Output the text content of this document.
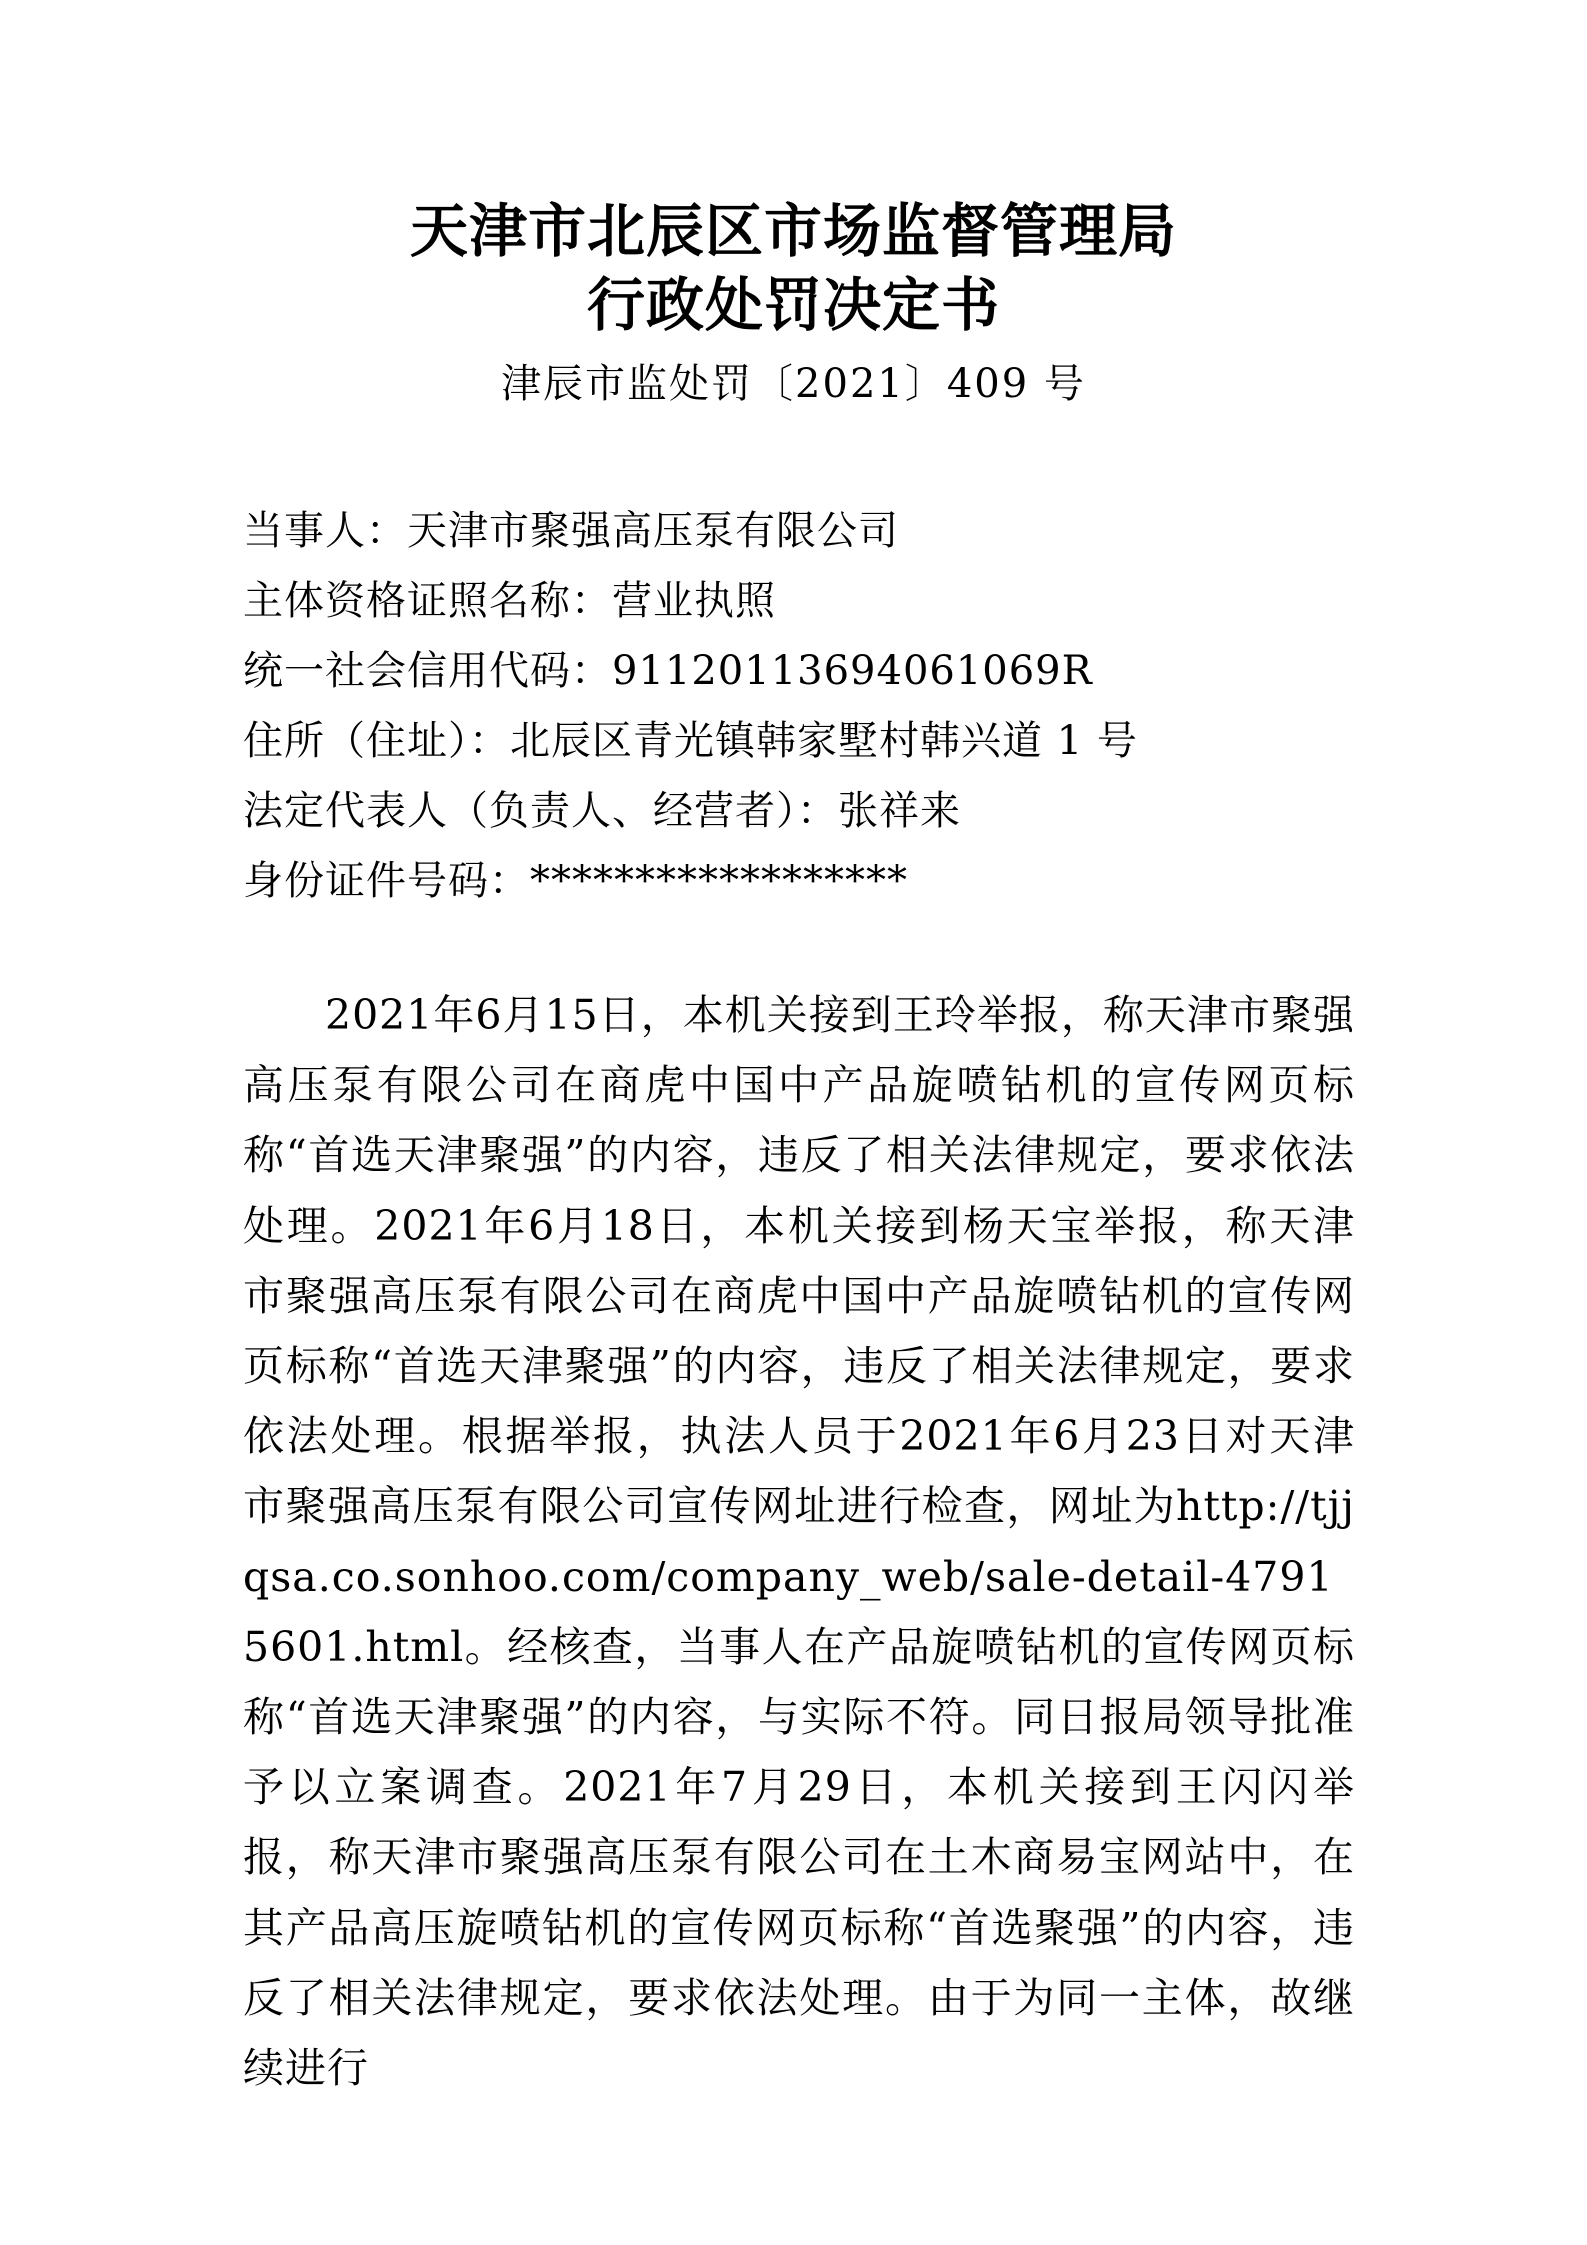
天津市北辰区市场监督管理局
行政处罚决定书
津辰市监处罚〔2021〕409 号
当事人：天津市聚强高压泵有限公司
主体资格证照名称：营业执照
统一社会信用代码：91120113694061069R
住所（住址）：北辰区青光镇韩家墅村韩兴道 1 号
法定代表人（负责人、经营者）：张祥来
身份证件号码：******************
2021年6月15日，本机关接到王玲举报，称天津市聚强高压泵有限公司在商虎中国中产品旋喷钻机的宣传网页标称“首选天津聚强”的内容，违反了相关法律规定，要求依法处理。2021年6月18日，本机关接到杨天宝举报，称天津市聚强高压泵有限公司在商虎中国中产品旋喷钻机的宣传网页标称“首选天津聚强”的内容，违反了相关法律规定，要求依法处理。根据举报，执法人员于2021年6月23日对天津市聚强高压泵有限公司宣传网址进行检查，网址为http://tjjqsa.co.sonhoo.com/company_web/sale-detail-47915601.html。经核查，当事人在产品旋喷钻机的宣传网页标称“首选天津聚强”的内容，与实际不符。同日报局领导批准予以立案调查。2021年7月29日，本机关接到王闪闪举报，称天津市聚强高压泵有限公司在土木商易宝网站中，在其产品高压旋喷钻机的宣传网页标称“首选聚强”的内容，违反了相关法律规定，要求依法处理。由于为同一主体，故继续进行
